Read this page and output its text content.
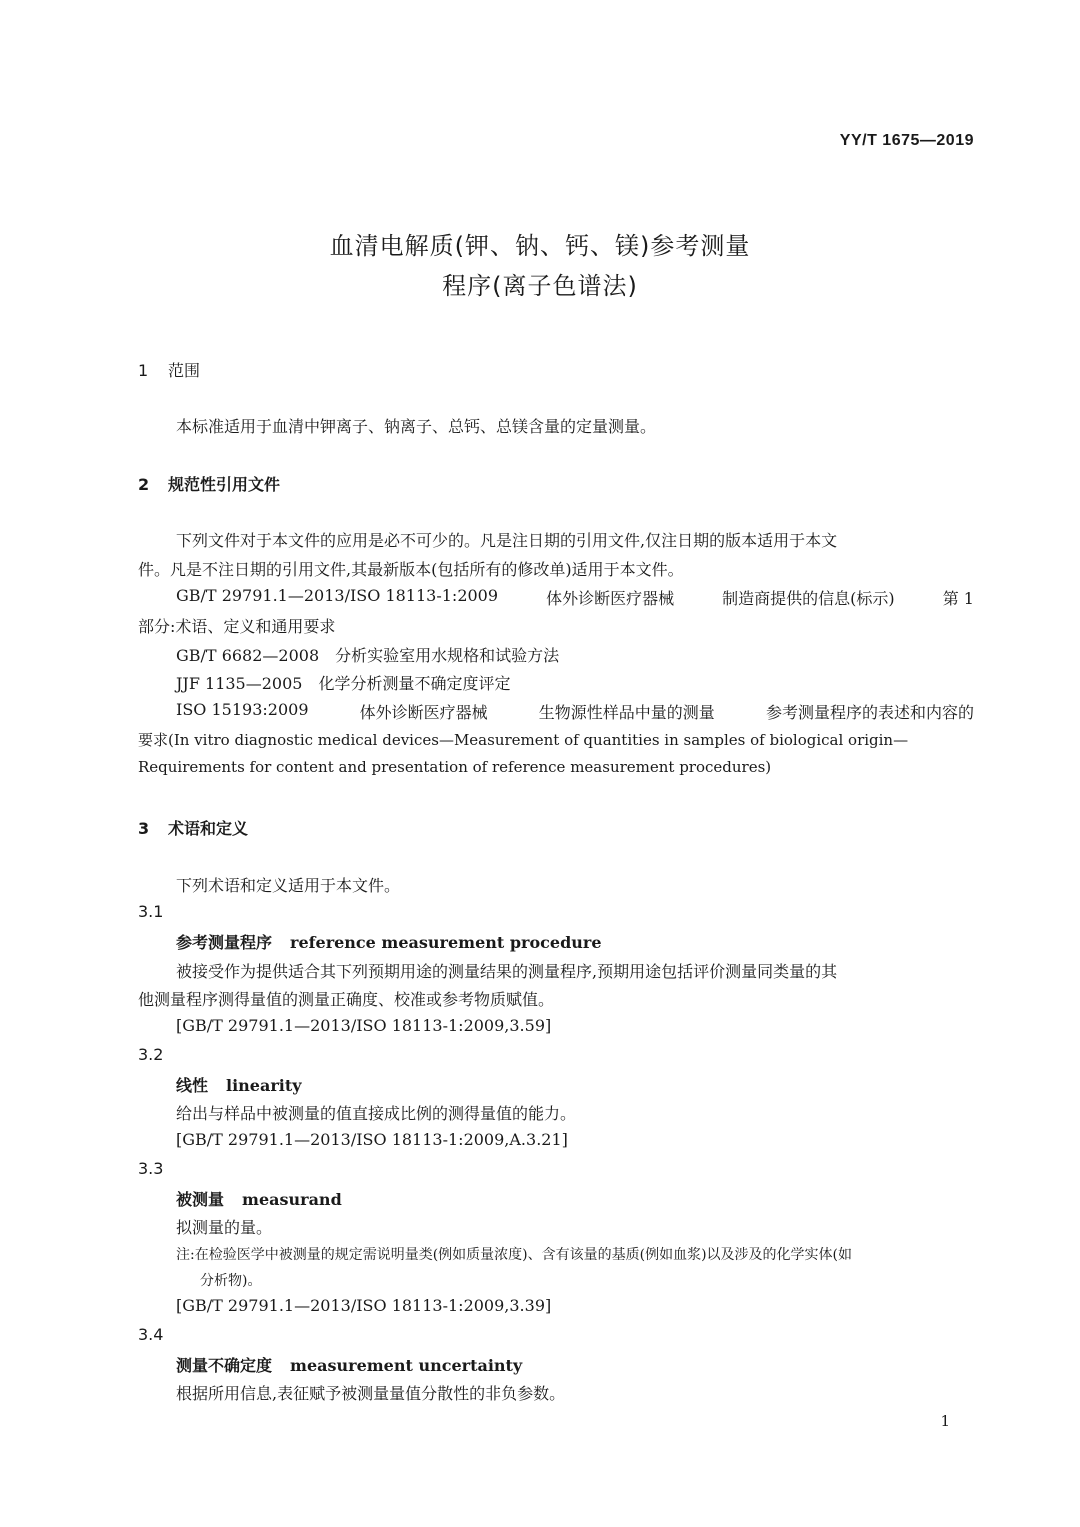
YY/T 1675—2019
血清电解质(钾、钠、钙、镁)参考测量
程序(离子色谱法)
1 范围
本标准适用于血清中钾离子、钠离子、总钙、总镁含量的定量测量。
2 规范性引用文件
下列文件对于本文件的应用是必不可少的。凡是注日期的引用文件,仅注日期的版本适用于本文
件。凡是不注日期的引用文件,其最新版本(包括所有的修改单)适用于本文件。
GB/T 29791.1—2013/ISO 18113-1:2009	体外诊断医疗器械	制造商提供的信息(标示)	第 1
部分:术语、定义和通用要求
GB/T 6682—2008　分析实验室用水规格和试验方法
JJF 1135—2005　化学分析测量不确定度评定
ISO 15193:2009	体外诊断医疗器械	生物源性样品中量的测量	参考测量程序的表述和内容的
要求(In vitro diagnostic medical devices—Measurement of quantities in samples of biological origin—
Requirements for content and presentation of reference measurement procedures)
3 术语和定义
下列术语和定义适用于本文件。
3.1
参考测量程序 reference measurement procedure
被接受作为提供适合其下列预期用途的测量结果的测量程序,预期用途包括评价测量同类量的其
他测量程序测得量值的测量正确度、校准或参考物质赋值。
[GB/T 29791.1—2013/ISO 18113-1:2009,3.59]
3.2
线性 linearity
给出与样品中被测量的值直接成比例的测得量值的能力。
[GB/T 29791.1—2013/ISO 18113-1:2009,A.3.21]
3.3
被测量 measurand
拟测量的量。
注:在检验医学中被测量的规定需说明量类(例如质量浓度)、含有该量的基质(例如血浆)以及涉及的化学实体(如
分析物)。
[GB/T 29791.1—2013/ISO 18113-1:2009,3.39]
3.4
测量不确定度 measurement uncertainty
根据所用信息,表征赋予被测量量值分散性的非负参数。
1
